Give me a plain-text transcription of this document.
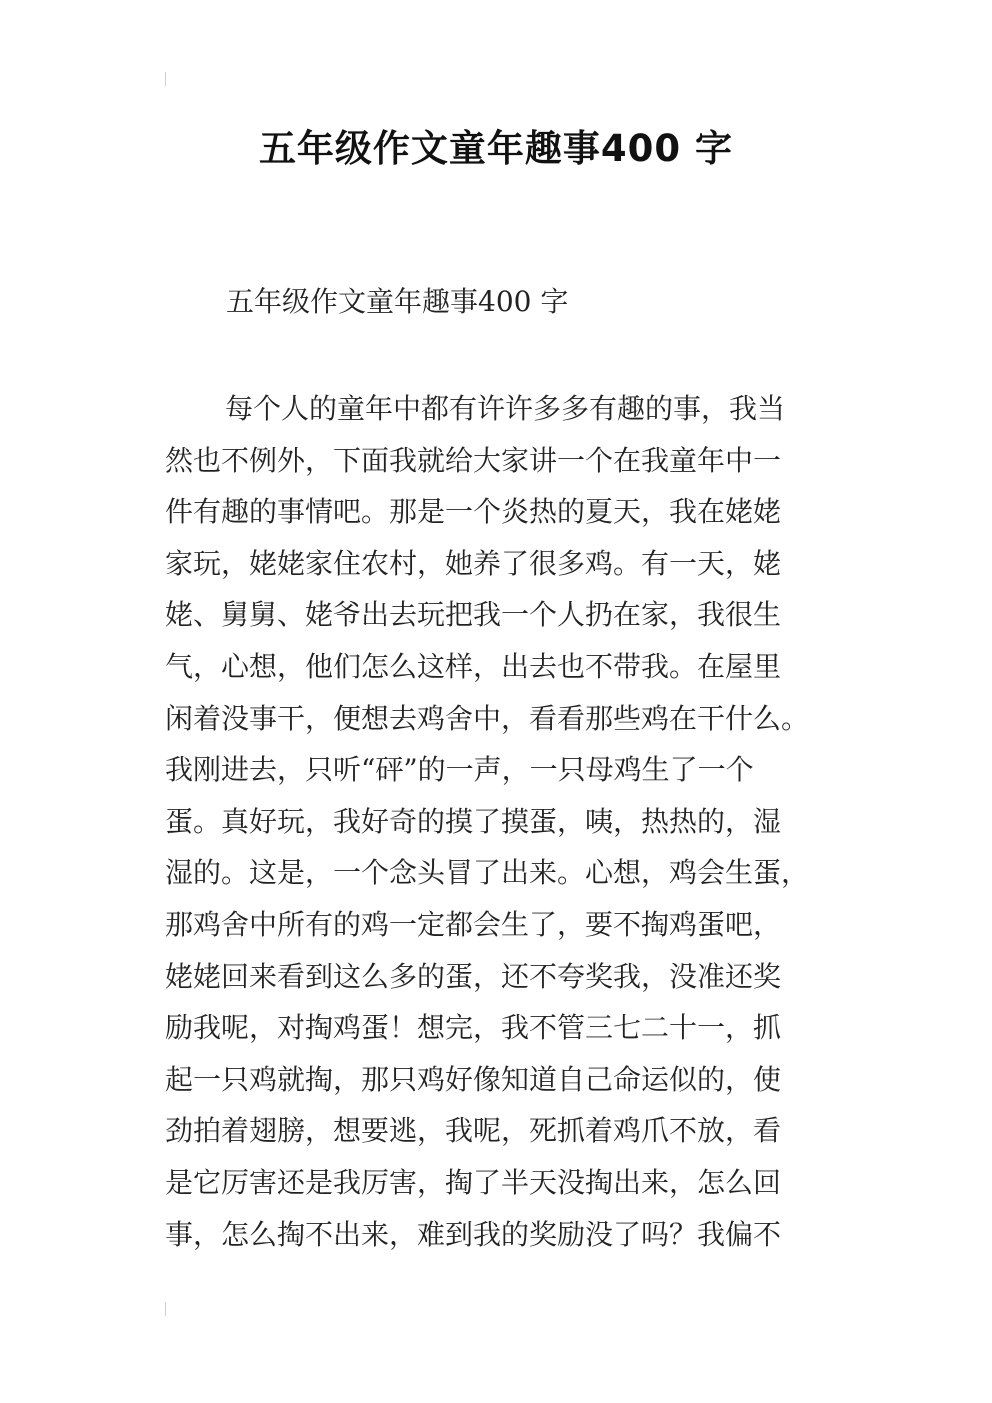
五年级作文童年趣事400 字
五年级作文童年趣事400 字
每个人的童年中都有许许多多有趣的事，我当
然也不例外，下面我就给大家讲一个在我童年中一
件有趣的事情吧。那是一个炎热的夏天，我在姥姥
家玩，姥姥家住农村，她养了很多鸡。有一天，姥
姥、舅舅、姥爷出去玩把我一个人扔在家，我很生
气，心想，他们怎么这样，出去也不带我。在屋里
闲着没事干，便想去鸡舍中，看看那些鸡在干什么。
我刚进去，只听“砰”的一声，一只母鸡生了一个
蛋。真好玩，我好奇的摸了摸蛋，咦，热热的，湿
湿的。这是，一个念头冒了出来。心想，鸡会生蛋，
那鸡舍中所有的鸡一定都会生了，要不掏鸡蛋吧，
姥姥回来看到这么多的蛋，还不夸奖我，没准还奖
励我呢，对掏鸡蛋！想完，我不管三七二十一，抓
起一只鸡就掏，那只鸡好像知道自己命运似的，使
劲拍着翅膀，想要逃，我呢，死抓着鸡爪不放，看
是它厉害还是我厉害，掏了半天没掏出来，怎么回
事，怎么掏不出来，难到我的奖励没了吗？我偏不
